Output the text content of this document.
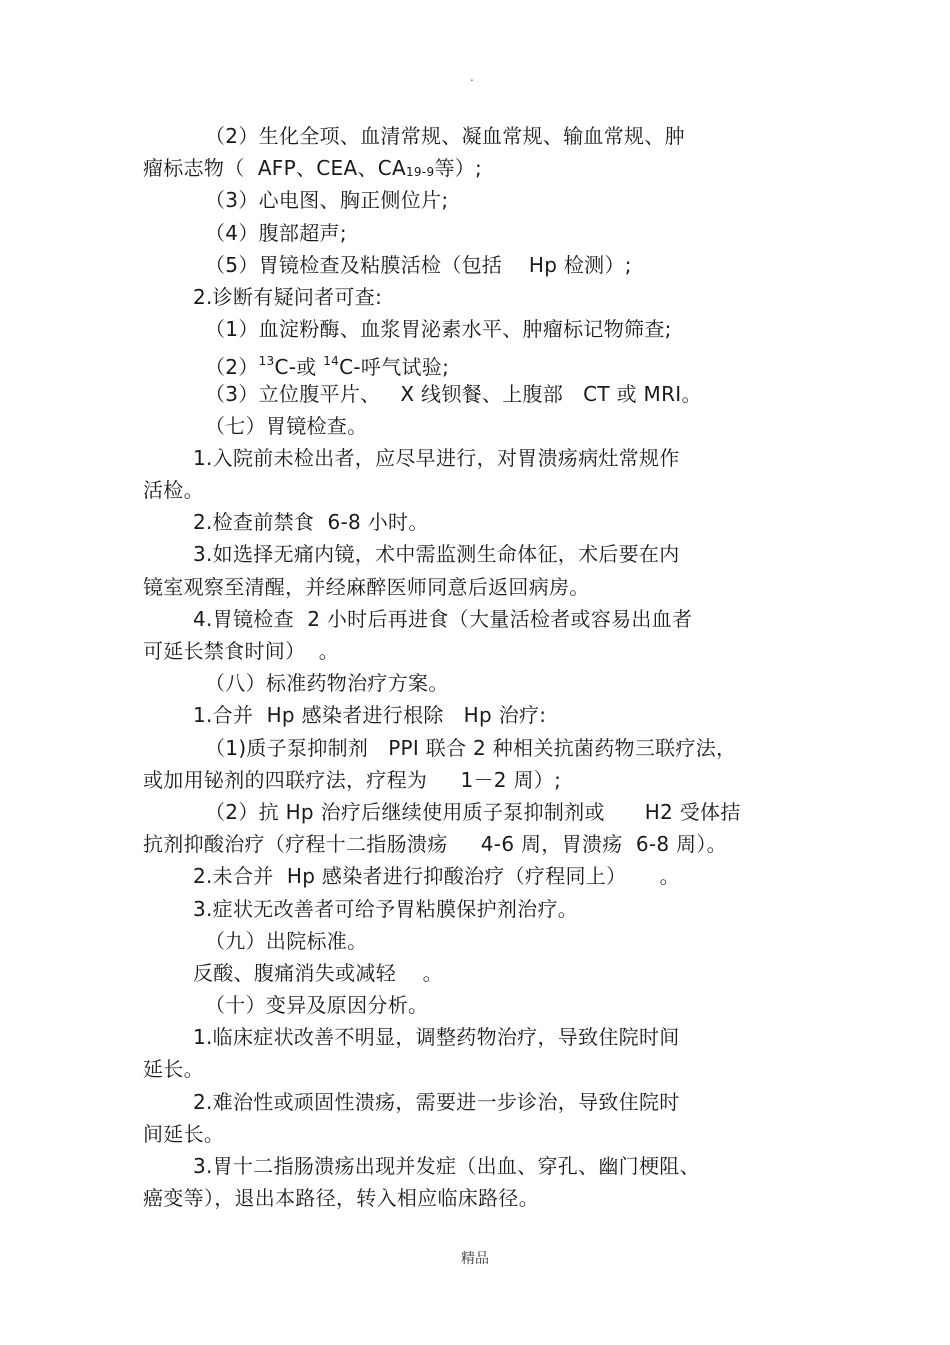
.
（2）生化全项、血清常规、凝血常规、输血常规、肿
瘤标志物（  AFP、CEA、$CA_{19-9}$等）;
（3）心电图、胸正侧位片;
（4）腹部超声;
（5）胃镜检查及粘膜活检（包括    Hp 检测）;
2.诊断有疑问者可查:
（1）血淀粉酶、血浆胃泌素水平、肿瘤标记物筛查;
$(2)^{13}C-$或 $^{14}$C-呼气试验;
（3）立位腹平片、   X 线钡餐、上腹部   CT 或 MRI。
（七）胃镜检查。
1.入院前未检出者，应尽早进行，对胃溃疡病灶常规作
活检。
2.检查前禁食  6-8 小时。
3.如选择无痛内镜，术中需监测生命体征，术后要在内
镜室观察至清醒，并经麻醉医师同意后返回病房。
4.胃镜检查  2 小时后再进食（大量活检者或容易出血者
可延长禁食时间）  。
（八）标准药物治疗方案。
1.合并  Hp 感染者进行根除   Hp 治疗:
（1)质子泵抑制剂   PPI 联合 2 种相关抗菌药物三联疗法，
或加用铋剂的四联疗法，疗程为     1－2 周）;
（2）抗 Hp 治疗后继续使用质子泵抑制剂或      H2 受体拮
抗剂抑酸治疗（疗程十二指肠溃疡     4-6 周，胃溃疡  6-8 周）。
2.未合并  Hp 感染者进行抑酸治疗（疗程同上）     。
3.症状无改善者可给予胃粘膜保护剂治疗。
（九）出院标准。
反酸、腹痛消失或减轻    。
（十）变异及原因分析。
1.临床症状改善不明显，调整药物治疗，导致住院时间
延长。
2.难治性或顽固性溃疡，需要进一步诊治，导致住院时
间延长。
3.胃十二指肠溃疡出现并发症（出血、穿孔、幽门梗阻、
癌变等），退出本路径，转入相应临床路径。
精品
